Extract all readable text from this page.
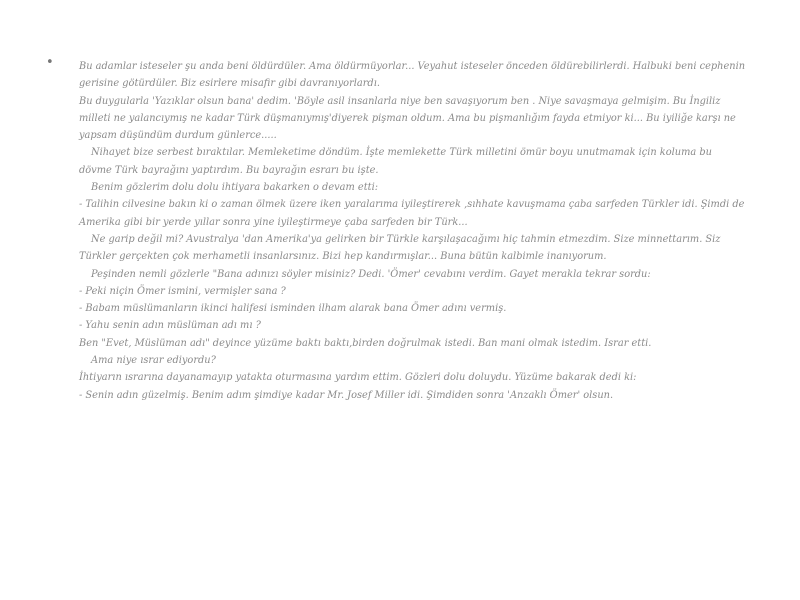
•	Bu adamlar isteseler şu anda beni öldürdüler. Ama öldürmüyorlar... Veyahut isteseler önceden öldürebilirlerdi. Halbuki beni cephenin
gerisine götürdüler. Biz esirlere misafir gibi davranıyorlardı.
Bu duygularla 'Yazıklar olsun bana' dedim. 'Böyle asil insanlarla niye ben savaşıyorum ben . Niye savaşmaya gelmişim. Bu İngiliz
milleti ne yalancıymış ne kadar Türk düşmanıymış'diyerek pişman oldum. Ama bu pişmanlığım fayda etmiyor ki... Bu iyiliğe karşı ne
yapsam düşündüm durdum günlerce.....
Nihayet bize serbest bıraktılar. Memleketime döndüm. İşte memlekette Türk milletini ömür boyu unutmamak için koluma bu
dövme Türk bayrağını yaptırdım. Bu bayrağın esrarı bu işte.
Benim gözlerim dolu dolu ihtiyara bakarken o devam etti:
- Talihin cilvesine bakın ki o zaman ölmek üzere iken yaralarıma iyileştirerek ,sıhhate kavuşmama çaba sarfeden Türkler idi. Şimdi de
Amerika gibi bir yerde yıllar sonra yine iyileştirmeye çaba sarfeden bir Türk...
Ne garip değil mi? Avustralya 'dan Amerika'ya gelirken bir Türkle karşılaşacağımı hiç tahmin etmezdim. Size minnettarım. Siz
Türkler gerçekten çok merhametli insanlarsınız. Bizi hep kandırmışlar... Buna bütün kalbimle inanıyorum.
Peşinden nemli gözlerle "Bana adınızı söyler misiniz? Dedi. 'Ömer' cevabını verdim. Gayet merakla tekrar sordu:
- Peki niçin Ömer ismini, vermişler sana ?
- Babam müslümanların ikinci halifesi isminden ilham alarak bana Ömer adını vermiş.
- Yahu senin adın müslüman adı mı ?
Ben "Evet, Müslüman adı" deyince yüzüme baktı baktı,birden doğrulmak istedi. Ban mani olmak istedim. Israr etti.
Ama niye ısrar ediyordu?
İhtiyarın ısrarına dayanamayıp yatakta oturmasına yardım ettim. Gözleri dolu doluydu. Yüzüme bakarak dedi ki:
- Senin adın güzelmiş. Benim adım şimdiye kadar Mr. Josef Miller idi. Şimdiden sonra 'Anzaklı Ömer' olsun.
